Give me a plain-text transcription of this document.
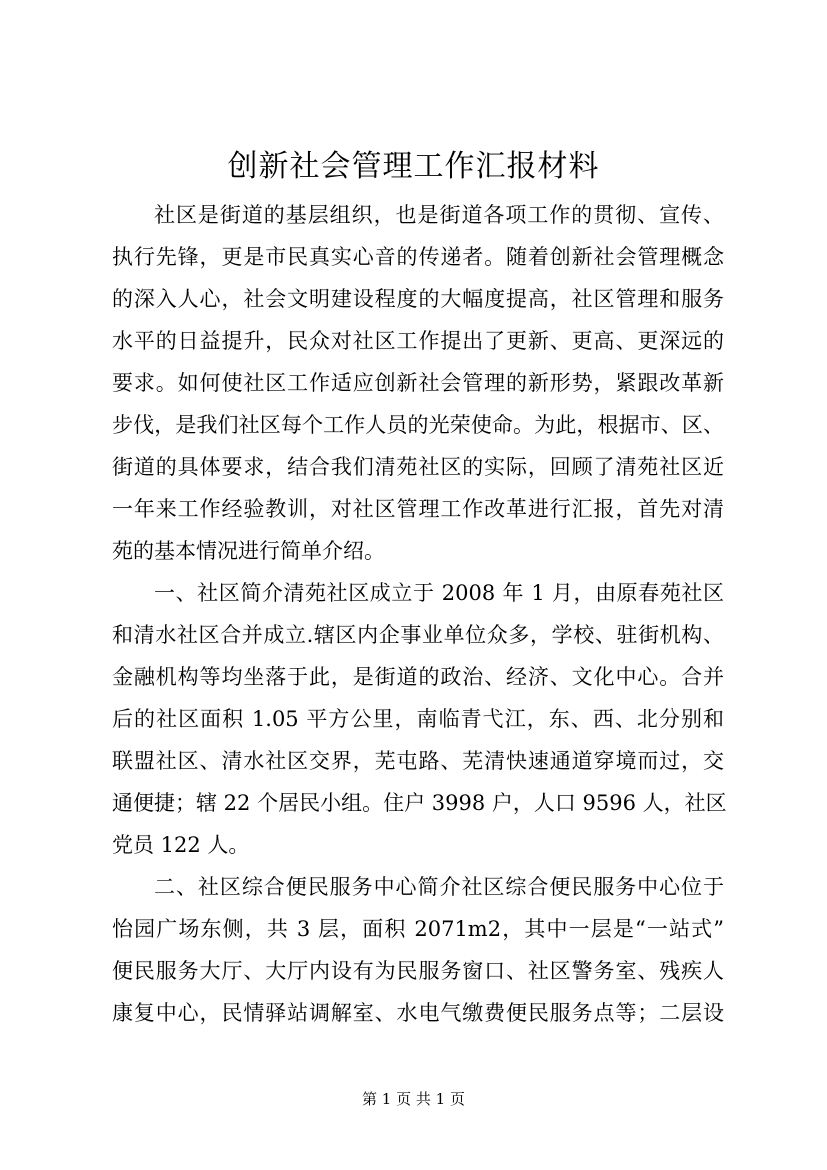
创新社会管理工作汇报材料
社区是街道的基层组织，也是街道各项工作的贯彻、宣传、
执行先锋，更是市民真实心音的传递者。随着创新社会管理概念
的深入人心，社会文明建设程度的大幅度提高，社区管理和服务
水平的日益提升，民众对社区工作提出了更新、更高、更深远的
要求。如何使社区工作适应创新社会管理的新形势，紧跟改革新
步伐，是我们社区每个工作人员的光荣使命。为此，根据市、区、
街道的具体要求，结合我们清苑社区的实际，回顾了清苑社区近
一年来工作经验教训，对社区管理工作改革进行汇报，首先对清
苑的基本情况进行简单介绍。
一、社区简介清苑社区成立于 2008 年 1 月，由原春苑社区
和清水社区合并成立.辖区内企事业单位众多，学校、驻街机构、
金融机构等均坐落于此，是街道的政治、经济、文化中心。合并
后的社区面积 1.05 平方公里，南临青弋江，东、西、北分别和
联盟社区、清水社区交界，芜屯路、芜清快速通道穿境而过，交
通便捷；辖 22 个居民小组。住户 3998 户，人口 9596 人，社区
党员 122 人。
二、社区综合便民服务中心简介社区综合便民服务中心位于
怡园广场东侧，共 3 层，面积 2071m2，其中一层是“一站式”
便民服务大厅、大厅内设有为民服务窗口、社区警务室、残疾人
康复中心，民情驿站调解室、水电气缴费便民服务点等；二层设
第 1 页 共 1 页
